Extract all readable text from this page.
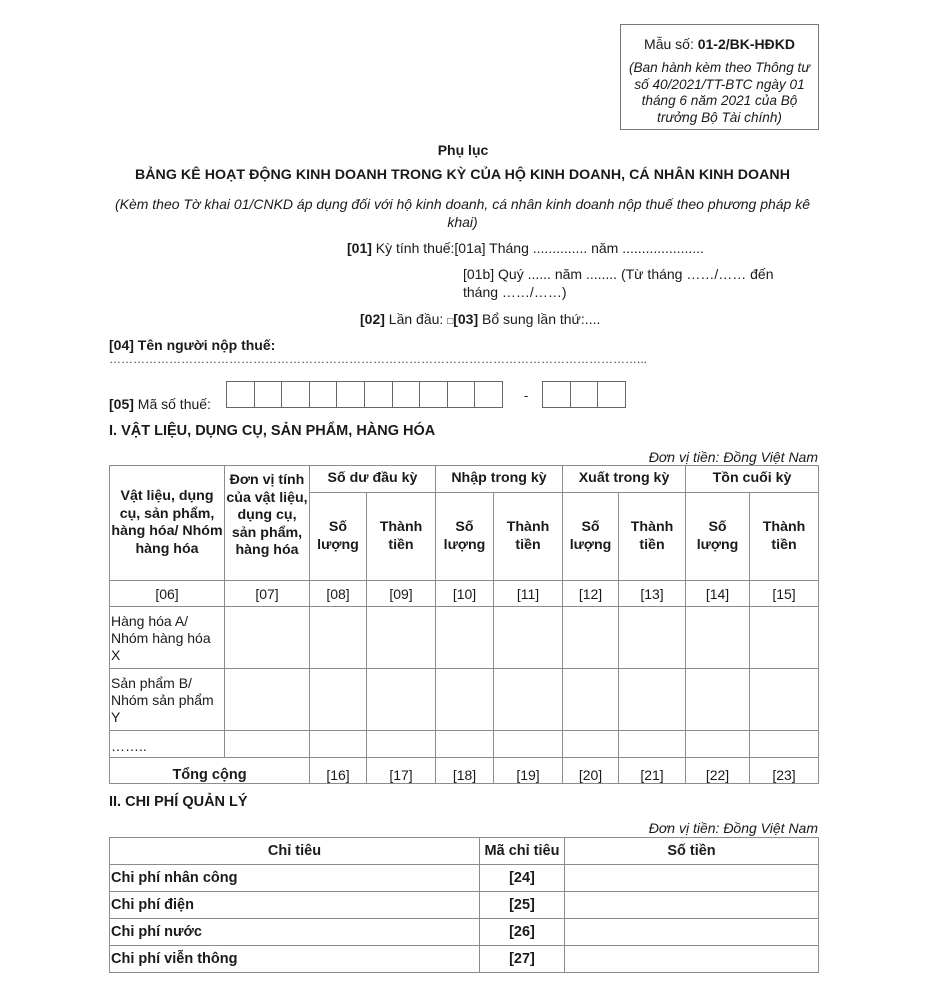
Mẫu số: 01-2/BK-HĐKD
(Ban hành kèm theo Thông tư số 40/2021/TT-BTC ngày 01 tháng 6 năm 2021 của Bộ trưởng Bộ Tài chính)
Phụ lục
BẢNG KÊ HOẠT ĐỘNG KINH DOANH TRONG KỲ CỦA HỘ KINH DOANH, CÁ NHÂN KINH DOANH
(Kèm theo Tờ khai 01/CNKD áp dụng đối với hộ kinh doanh, cá nhân kinh doanh nộp thuế theo phương pháp kê khai)
[01] Kỳ tính thuế:[01a] Tháng .............. năm .....................
[01b] Quý ...... năm ........ (Từ tháng ……/…… đến
tháng ……/……)
[02] Lần đầu: □[03] Bổ sung lần thứ:....
[04] Tên người nộp thuế:
……………………………………………………………………………………………………………………...
[05] Mã số thuế:
-
I. VẬT LIỆU, DỤNG CỤ, SẢN PHẨM, HÀNG HÓA
Đơn vị tiền: Đồng Việt Nam
Vật liệu, dụng cụ, sản phẩm, hàng hóa/ Nhóm hàng hóa	Đơn vị tính của vật liệu, dụng cụ, sản phẩm, hàng hóa	Số dư đầu kỳ		Nhập trong kỳ		Xuất trong kỳ		Tồn cuối kỳ	
		Số lượng	Thành tiền	Số lượng	Thành tiền	Số lượng	Thành tiền	Số lượng	Thành tiền
[06]	[07]	[08]	[09]	[10]	[11]	[12]	[13]	[14]	[15]
Hàng hóa A/ Nhóm hàng hóa X									
Sản phẩm B/ Nhóm sản phẩm Y									
……..									
Tổng cộng		[16]	[17]	[18]	[19]	[20]	[21]	[22]	[23]
II. CHI PHÍ QUẢN LÝ
Đơn vị tiền: Đồng Việt Nam
Chỉ tiêu	Mã chỉ tiêu	Số tiền
Chi phí nhân công	[24]	
Chi phí điện	[25]	
Chi phí nước	[26]	
Chi phí viễn thông	[27]	
